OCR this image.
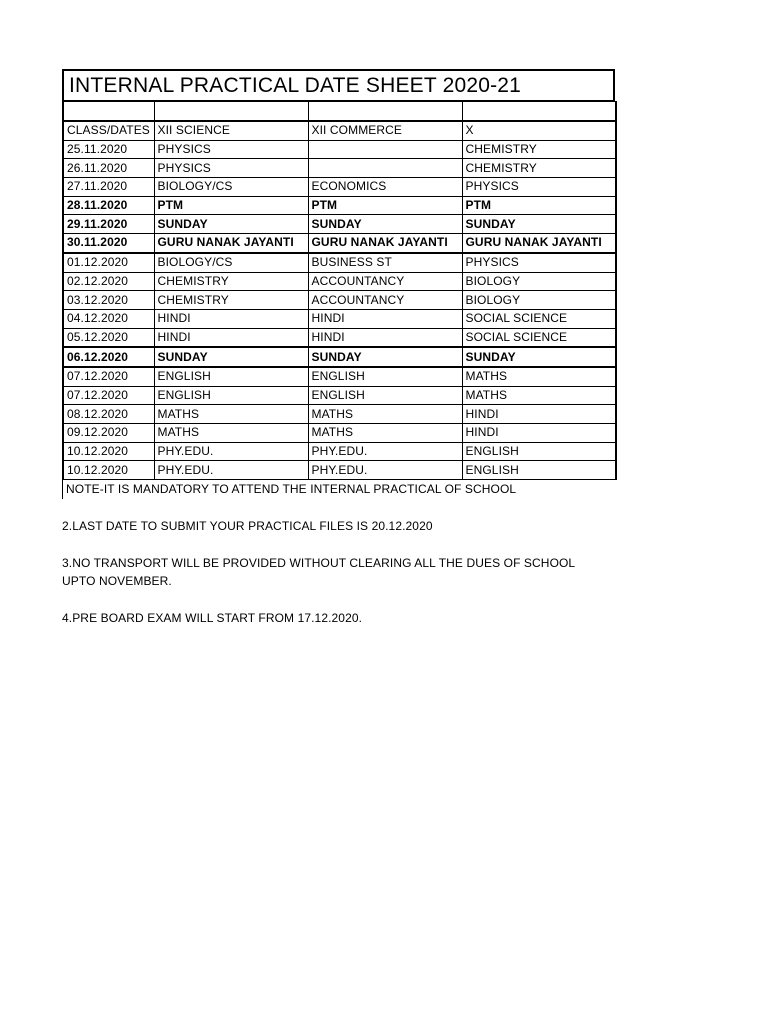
INTERNAL PRACTICAL DATE SHEET 2020-21

CLASS/DATES	XII SCIENCE	XII COMMERCE	X
25.11.2020	PHYSICS		CHEMISTRY
26.11.2020	PHYSICS		CHEMISTRY
27.11.2020	BIOLOGY/CS	ECONOMICS	PHYSICS
28.11.2020	PTM	PTM	PTM
29.11.2020	SUNDAY	SUNDAY	SUNDAY
30.11.2020	GURU NANAK JAYANTI	GURU NANAK JAYANTI	GURU NANAK JAYANTI
01.12.2020	BIOLOGY/CS	BUSINESS ST	PHYSICS
02.12.2020	CHEMISTRY	ACCOUNTANCY	BIOLOGY
03.12.2020	CHEMISTRY	ACCOUNTANCY	BIOLOGY
04.12.2020	HINDI	HINDI	SOCIAL SCIENCE
05.12.2020	HINDI	HINDI	SOCIAL SCIENCE
06.12.2020	SUNDAY	SUNDAY	SUNDAY
07.12.2020	ENGLISH	ENGLISH	MATHS
07.12.2020	ENGLISH	ENGLISH	MATHS
08.12.2020	MATHS	MATHS	HINDI
09.12.2020	MATHS	MATHS	HINDI
10.12.2020	PHY.EDU.	PHY.EDU.	ENGLISH
10.12.2020	PHY.EDU.	PHY.EDU.	ENGLISH
NOTE-IT IS MANDATORY TO ATTEND THE INTERNAL PRACTICAL OF SCHOOL
2.LAST DATE TO SUBMIT YOUR PRACTICAL FILES IS 20.12.2020
3.NO TRANSPORT WILL BE PROVIDED WITHOUT CLEARING ALL THE DUES OF SCHOOL
UPTO NOVEMBER.
4.PRE BOARD EXAM WILL START FROM 17.12.2020.
